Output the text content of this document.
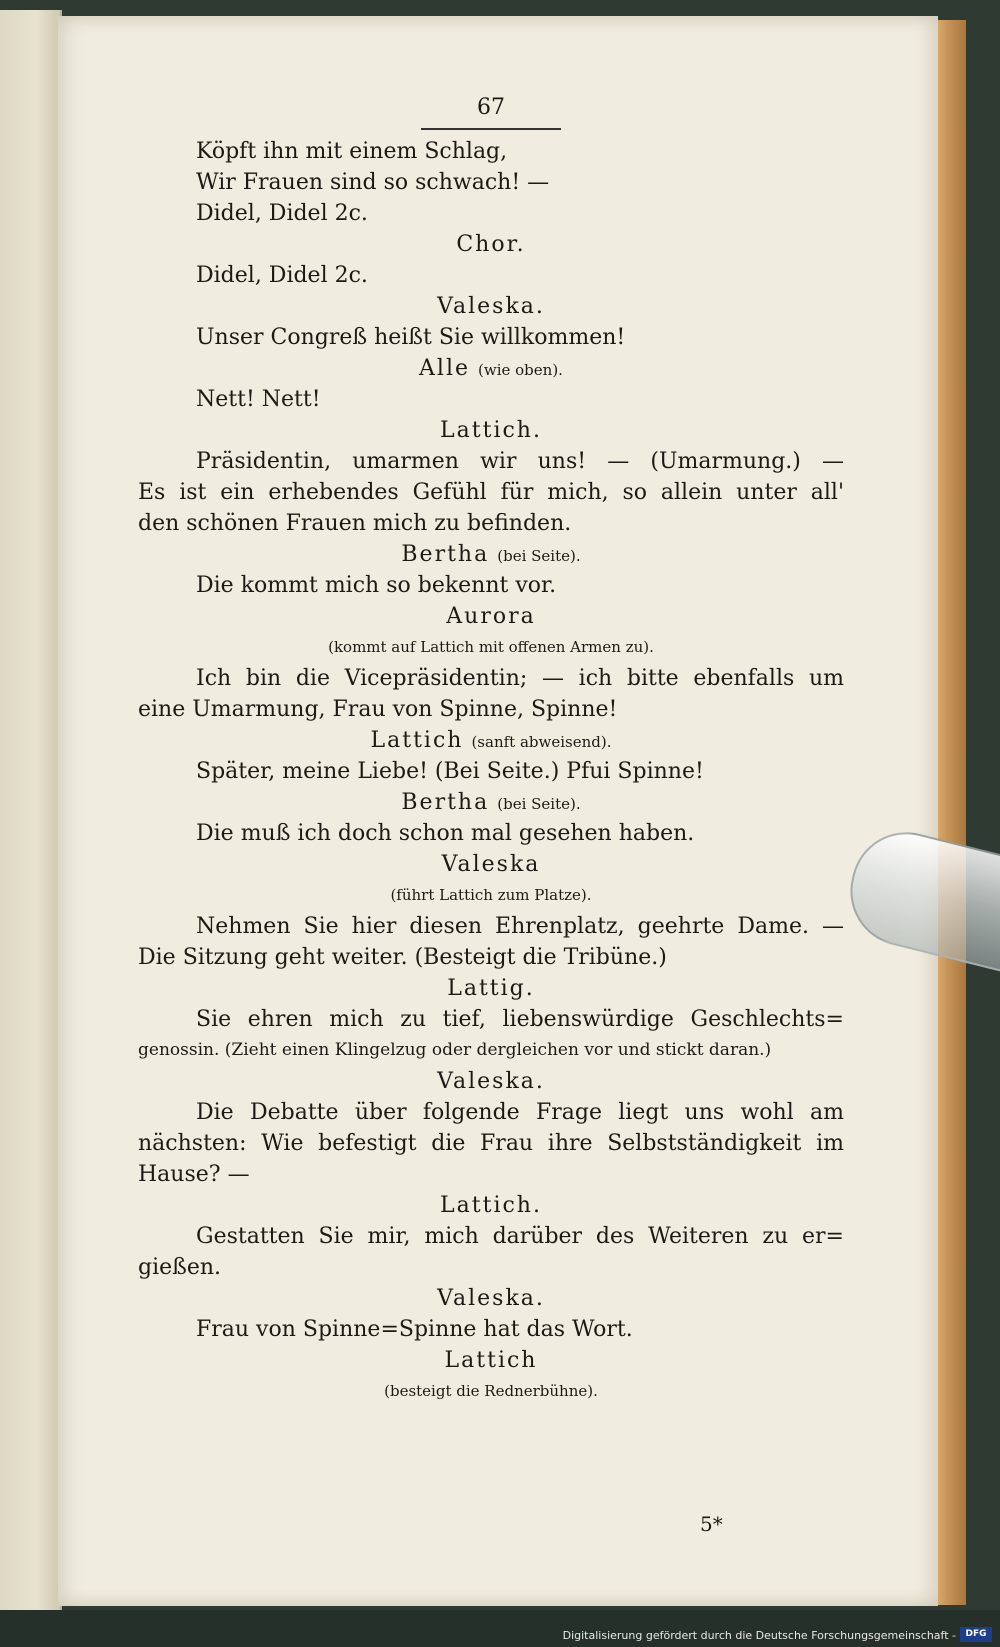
67
Köpft ihn mit einem Schlag,
Wir Frauen sind so schwach! —
Didel, Didel 2c.
Chor.
Didel, Didel 2c.
Valeska.
Unser Congreß heißt Sie willkommen!
Alle (wie oben).
Nett! Nett!
Lattich.
Präsidentin, umarmen wir uns! — (Umarmung.) —
Es ist ein erhebendes Gefühl für mich, so allein unter all'
den schönen Frauen mich zu befinden.
Bertha (bei Seite).
Die kommt mich so bekennt vor.
Aurora
(kommt auf Lattich mit offenen Armen zu).
Ich bin die Vicepräsidentin; — ich bitte ebenfalls um
eine Umarmung, Frau von Spinne, Spinne!
Lattich (sanft abweisend).
Später, meine Liebe! (Bei Seite.) Pfui Spinne!
Bertha (bei Seite).
Die muß ich doch schon mal gesehen haben.
Valeska
(führt Lattich zum Platze).
Nehmen Sie hier diesen Ehrenplatz, geehrte Dame. —
Die Sitzung geht weiter. (Besteigt die Tribüne.)
Lattig.
Sie ehren mich zu tief, liebenswürdige Geschlechts=
genossin. (Zieht einen Klingelzug oder dergleichen vor und stickt daran.)
Valeska.
Die Debatte über folgende Frage liegt uns wohl am
nächsten: Wie befestigt die Frau ihre Selbstständigkeit im
Hause? —
Lattich.
Gestatten Sie mir, mich darüber des Weiteren zu er=
gießen.
Valeska.
Frau von Spinne=Spinne hat das Wort.
Lattich
(besteigt die Rednerbühne).
5*
Digitalisierung gefördert durch die Deutsche Forschungsgemeinschaft -	DFG
